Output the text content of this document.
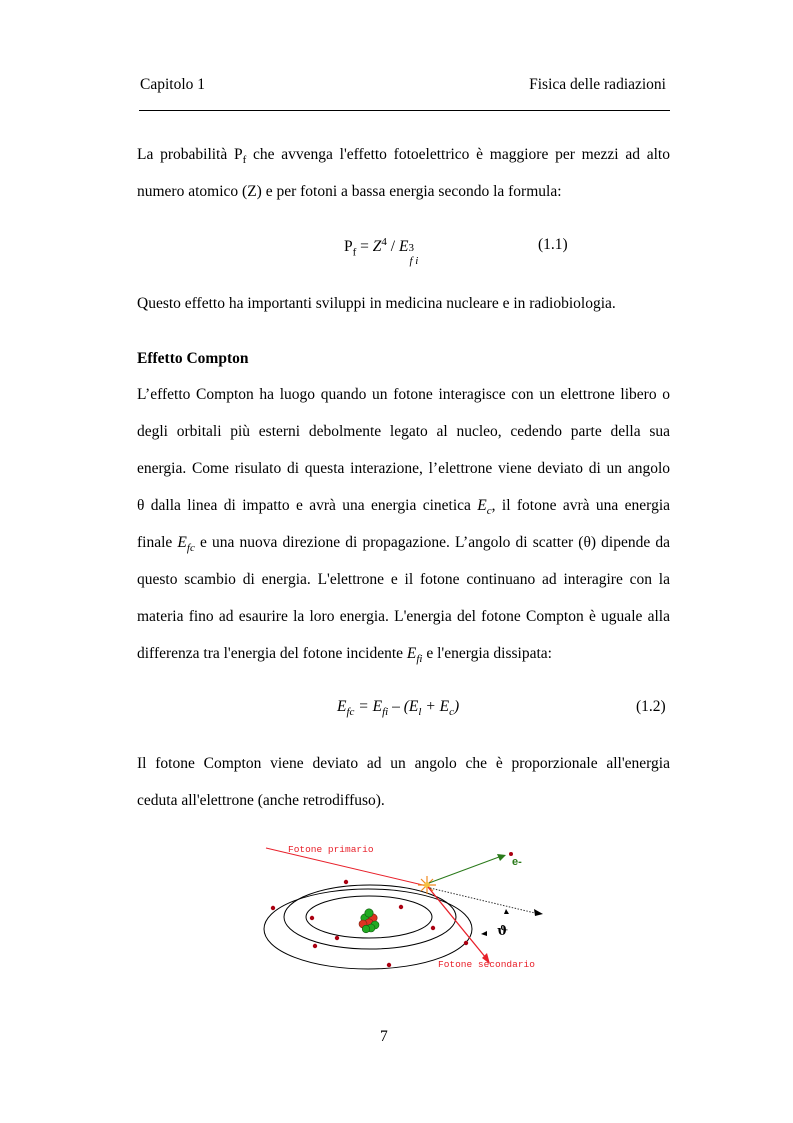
Capitolo 1	Fisica delle radiazioni
La probabilità $P_f$ che avvenga l'effetto fotoelettrico è maggiore per mezzi ad alto
numero atomico (Z) e per fotoni a bassa energia secondo la formula:
$P_f = Z^4 / E$ 3
f i
(1.1)
Questo effetto ha importanti sviluppi in medicina nucleare e in radiobiologia.
Effetto Compton
L’effetto Compton ha luogo quando un fotone interagisce con un elettrone libero o
degli orbitali più esterni debolmente legato al nucleo, cedendo parte della sua
energia. Come risulato di questa interazione, l’elettrone viene deviato di un angolo
θ dalla linea di impatto e avrà una energia cinetica $E_c$, il fotone avrà una energia
finale $E_{fc}$ e una nuova direzione di propagazione. L’angolo di scatter (θ) dipende da
questo scambio di energia. L'elettrone e il fotone continuano ad interagire con la
materia fino ad esaurire la loro energia. L'energia del fotone Compton è uguale alla
differenza tra l'energia del fotone incidente $E_{fi}$ e l'energia dissipata:
$E_{fc} = E_{fi} - (E_l + E_c)$	(1.2)
Il fotone Compton viene deviato ad un angolo che è proporzionale all'energia
ceduta all'elettrone (anche retrodiffuso).
Fotone primario
Fotone secondario
e-
ϑ
7
